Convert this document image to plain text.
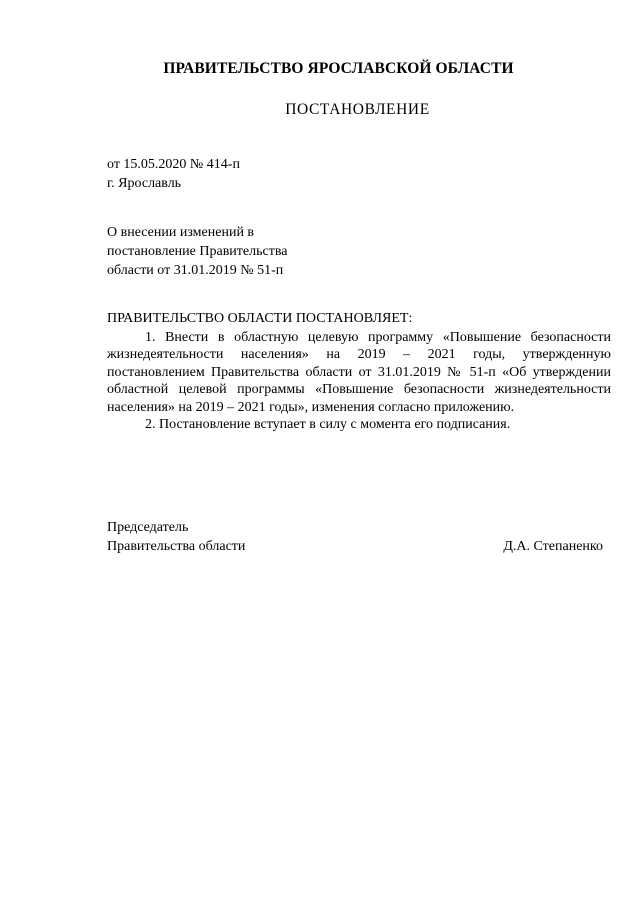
ПРАВИТЕЛЬСТВО ЯРОСЛАВСКОЙ ОБЛАСТИ
ПОСТАНОВЛЕНИЕ
от 15.05.2020 № 414-п
г. Ярославль
О внесении изменений в
постановление Правительства
области от 31.01.2019 № 51-п
ПРАВИТЕЛЬСТВО ОБЛАСТИ ПОСТАНОВЛЯЕТ:

1. Внести в областную целевую программу «Повышение безопасности жизнедеятельности населения» на 2019 – 2021 годы, утвержденную постановлением Правительства области от 31.01.2019 № 51-п «Об утверждении областной целевой программы «Повышение безопасности жизнедеятельности населения» на 2019 – 2021 годы», изменения согласно приложению.

2. Постановление вступает в силу с момента его подписания.

Председатель
Правительства области	Д.А. Степаненко
